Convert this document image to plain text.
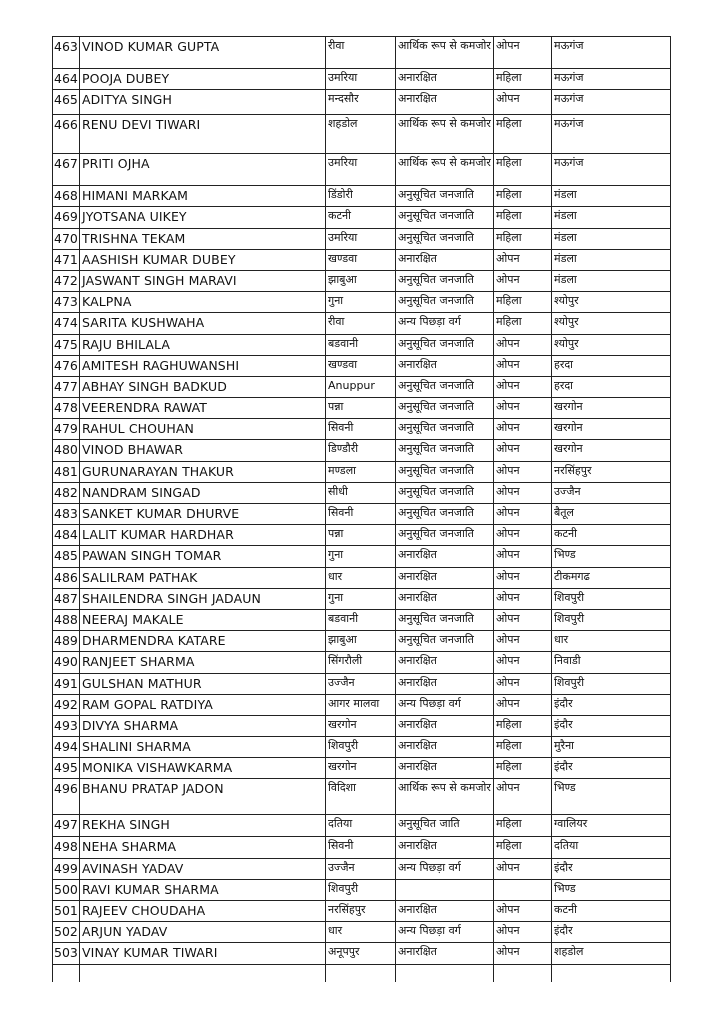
463	VINOD KUMAR GUPTA	रीवा	आर्थिक रूप से कमजोर	ओपन	मऊगंज
464	POOJA DUBEY	उमरिया	अनारक्षित	महिला	मऊगंज
465	ADITYA SINGH	मन्दसौर	अनारक्षित	ओपन	मऊगंज
466	RENU DEVI TIWARI	शहडोल	आर्थिक रूप से कमजोर	महिला	मऊगंज
467	PRITI OJHA	उमरिया	आर्थिक रूप से कमजोर	महिला	मऊगंज
468	HIMANI MARKAM	डिंडोरी	अनुसूचित जनजाति	महिला	मंडला
469	JYOTSANA UIKEY	कटनी	अनुसूचित जनजाति	महिला	मंडला
470	TRISHNA TEKAM	उमरिया	अनुसूचित जनजाति	महिला	मंडला
471	AASHISH KUMAR DUBEY	खण्डवा	अनारक्षित	ओपन	मंडला
472	JASWANT SINGH MARAVI	झाबुआ	अनुसूचित जनजाति	ओपन	मंडला
473	KALPNA	गुना	अनुसूचित जनजाति	महिला	श्योपुर
474	SARITA KUSHWAHA	रीवा	अन्य पिछड़ा वर्ग	महिला	श्योपुर
475	RAJU BHILALA	बडवानी	अनुसूचित जनजाति	ओपन	श्योपुर
476	AMITESH RAGHUWANSHI	खण्डवा	अनारक्षित	ओपन	हरदा
477	ABHAY SINGH BADKUD	Anuppur	अनुसूचित जनजाति	ओपन	हरदा
478	VEERENDRA RAWAT	पन्ना	अनुसूचित जनजाति	ओपन	खरगोन
479	RAHUL CHOUHAN	सिवनी	अनुसूचित जनजाति	ओपन	खरगोन
480	VINOD BHAWAR	डिण्डौरी	अनुसूचित जनजाति	ओपन	खरगोन
481	GURUNARAYAN THAKUR	मण्डला	अनुसूचित जनजाति	ओपन	नरसिंहपुर
482	NANDRAM SINGAD	सीधी	अनुसूचित जनजाति	ओपन	उज्जैन
483	SANKET KUMAR DHURVE	सिवनी	अनुसूचित जनजाति	ओपन	बैतूल
484	LALIT KUMAR HARDHAR	पन्ना	अनुसूचित जनजाति	ओपन	कटनी
485	PAWAN SINGH TOMAR	गुना	अनारक्षित	ओपन	भिण्ड
486	SALILRAM PATHAK	धार	अनारक्षित	ओपन	टीकमगढ
487	SHAILENDRA SINGH JADAUN	गुना	अनारक्षित	ओपन	शिवपुरी
488	NEERAJ MAKALE	बडवानी	अनुसूचित जनजाति	ओपन	शिवपुरी
489	DHARMENDRA KATARE	झाबुआ	अनुसूचित जनजाति	ओपन	धार
490	RANJEET SHARMA	सिंगरौली	अनारक्षित	ओपन	निवाडी
491	GULSHAN MATHUR	उज्जैन	अनारक्षित	ओपन	शिवपुरी
492	RAM GOPAL RATDIYA	आगर मालवा	अन्य पिछड़ा वर्ग	ओपन	इंदौर
493	DIVYA SHARMA	खरगोन	अनारक्षित	महिला	इंदौर
494	SHALINI SHARMA	शिवपुरी	अनारक्षित	महिला	मुरैना
495	MONIKA VISHAWKARMA	खरगोन	अनारक्षित	महिला	इंदौर
496	BHANU PRATAP JADON	विदिशा	आर्थिक रूप से कमजोर	ओपन	भिण्ड
497	REKHA SINGH	दतिया	अनुसूचित जाति	महिला	ग्वालियर
498	NEHA SHARMA	सिवनी	अनारक्षित	महिला	दतिया
499	AVINASH YADAV	उज्जैन	अन्य पिछड़ा वर्ग	ओपन	इंदौर
500	RAVI KUMAR SHARMA	शिवपुरी			भिण्ड
501	RAJEEV CHOUDAHA	नरसिंहपुर	अनारक्षित	ओपन	कटनी
502	ARJUN YADAV	धार	अन्य पिछड़ा वर्ग	ओपन	इंदौर
503	VINAY KUMAR TIWARI	अनूपपुर	अनारक्षित	ओपन	शहडोल
